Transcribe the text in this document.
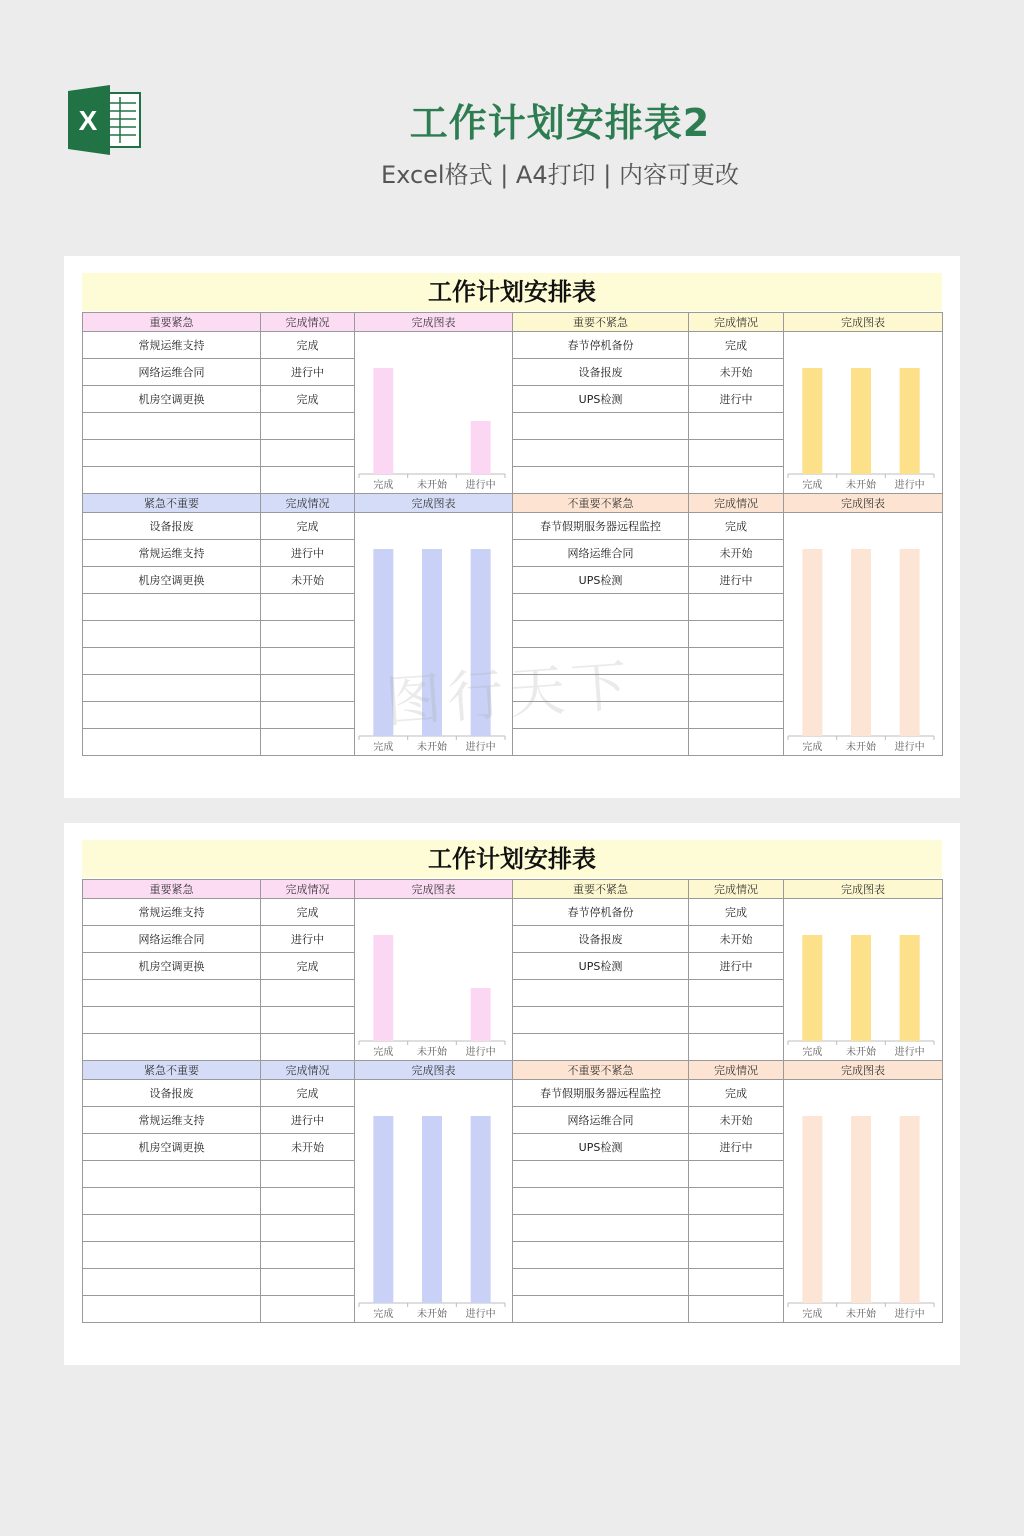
X	工作计划安排表2
Excel格式 | A4打印 | 内容可更改
工作计划安排表
重要紧急	完成情况	完成图表	重要不紧急	完成情况	完成图表
常规运维支持	完成	完成 未开始 进行中	春节停机备份	完成	完成 未开始 进行中

网络运维合同	进行中		设备报废	未开始	
机房空调更换	完成		UPS检测	进行中	

紧急不重要	完成情况	完成图表	不重要不紧急	完成情况	完成图表
设备报废	完成	完成 未开始 进行中	春节假期服务器远程监控	完成	完成 未开始 进行中

常规运维支持	进行中		网络运维合同	未开始	
机房空调更换	未开始		UPS检测	进行中	

工作计划安排表
重要紧急	完成情况	完成图表	重要不紧急	完成情况	完成图表
常规运维支持	完成	完成 未开始 进行中	春节停机备份	完成	完成 未开始 进行中

网络运维合同	进行中		设备报废	未开始	
机房空调更换	完成		UPS检测	进行中	

紧急不重要	完成情况	完成图表	不重要不紧急	完成情况	完成图表
设备报废	完成	完成 未开始 进行中	春节假期服务器远程监控	完成	完成 未开始 进行中

常规运维支持	进行中		网络运维合同	未开始	
机房空调更换	未开始		UPS检测	进行中	

图行天下
